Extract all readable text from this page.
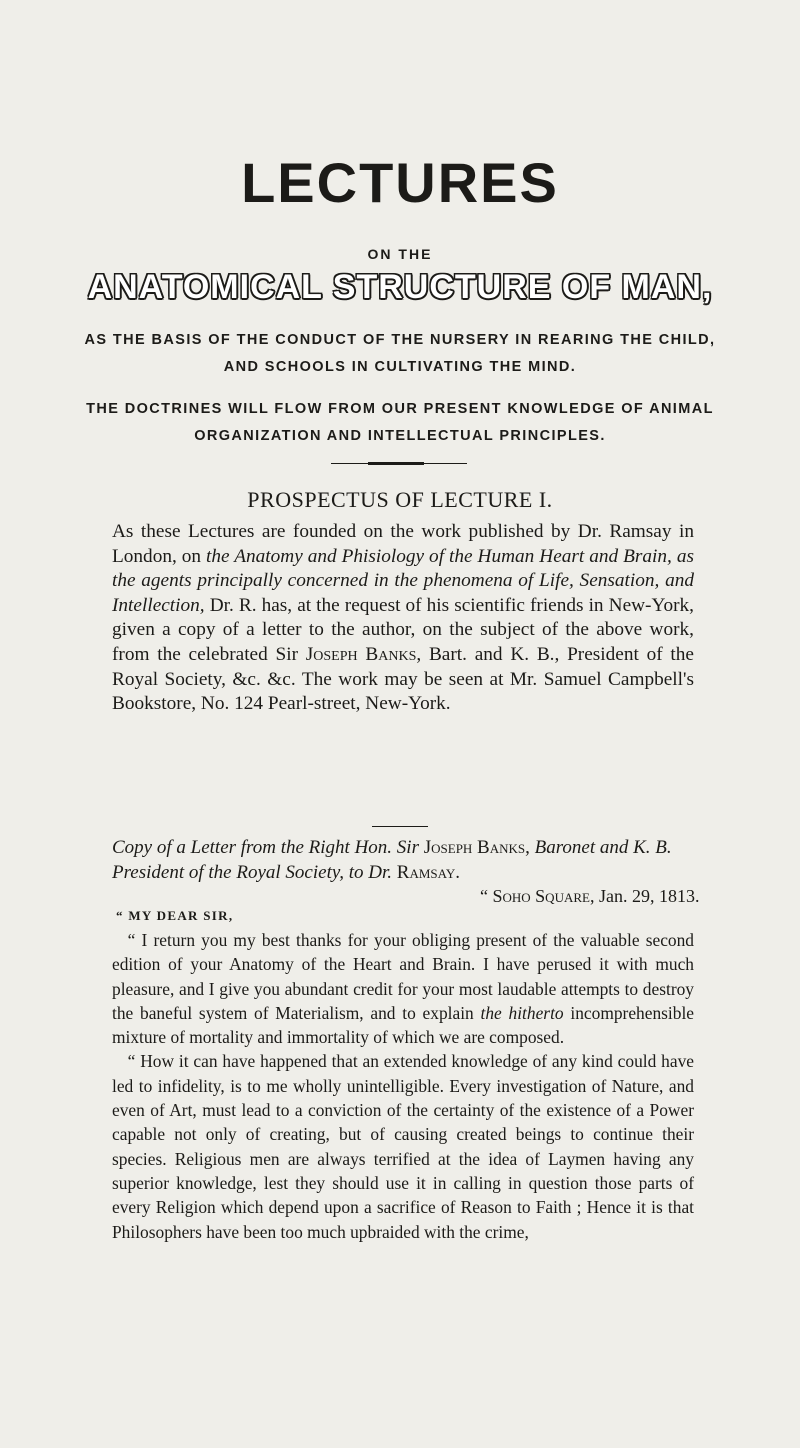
LECTURES
ON THE
ANATOMICAL STRUCTURE OF MAN,
AS THE BASIS OF THE CONDUCT OF THE NURSERY IN REARING THE CHILD, AND SCHOOLS IN CULTIVATING THE MIND.
THE DOCTRINES WILL FLOW FROM OUR PRESENT KNOWLEDGE OF ANIMAL ORGANIZATION AND INTELLECTUAL PRINCIPLES.
PROSPECTUS OF LECTURE I.

As these Lectures are founded on the work published by Dr. Ramsay in London, on the Anatomy and Phisiology of the Human Heart and Brain, as the agents principally concerned in the phenomena of Life, Sensation, and Intellection, Dr. R. has, at the request of his scientific friends in New-York, given a copy of a letter to the author, on the subject of the above work, from the celebrated Sir Joseph Banks, Bart. and K. B., President of the Royal Society, &c. &c. The work may be seen at Mr. Samuel Campbell's Bookstore, No. 124 Pearl-street, New-York.

Copy of a Letter from the Right Hon. Sir Joseph Banks, Baronet and K. B. President of the Royal Society, to Dr. Ramsay.

“ Soho Square, Jan. 29, 1813.
“ MY DEAR SIR,

“ I return you my best thanks for your obliging present of the valuable second edition of your Anatomy of the Heart and Brain. I have perused it with much pleasure, and I give you abundant credit for your most laudable attempts to destroy the baneful system of Materialism, and to explain the hitherto incomprehensible mixture of mortality and immortality of which we are composed.

“ How it can have happened that an extended knowledge of any kind could have led to infidelity, is to me wholly unintelligible. Every investigation of Nature, and even of Art, must lead to a conviction of the certainty of the existence of a Power capable not only of creating, but of causing created beings to continue their species. Religious men are always terrified at the idea of Laymen having any superior knowledge, lest they should use it in calling in question those parts of every Religion which depend upon a sacrifice of Reason to Faith ; Hence it is that Philosophers have been too much upbraided with the crime,
